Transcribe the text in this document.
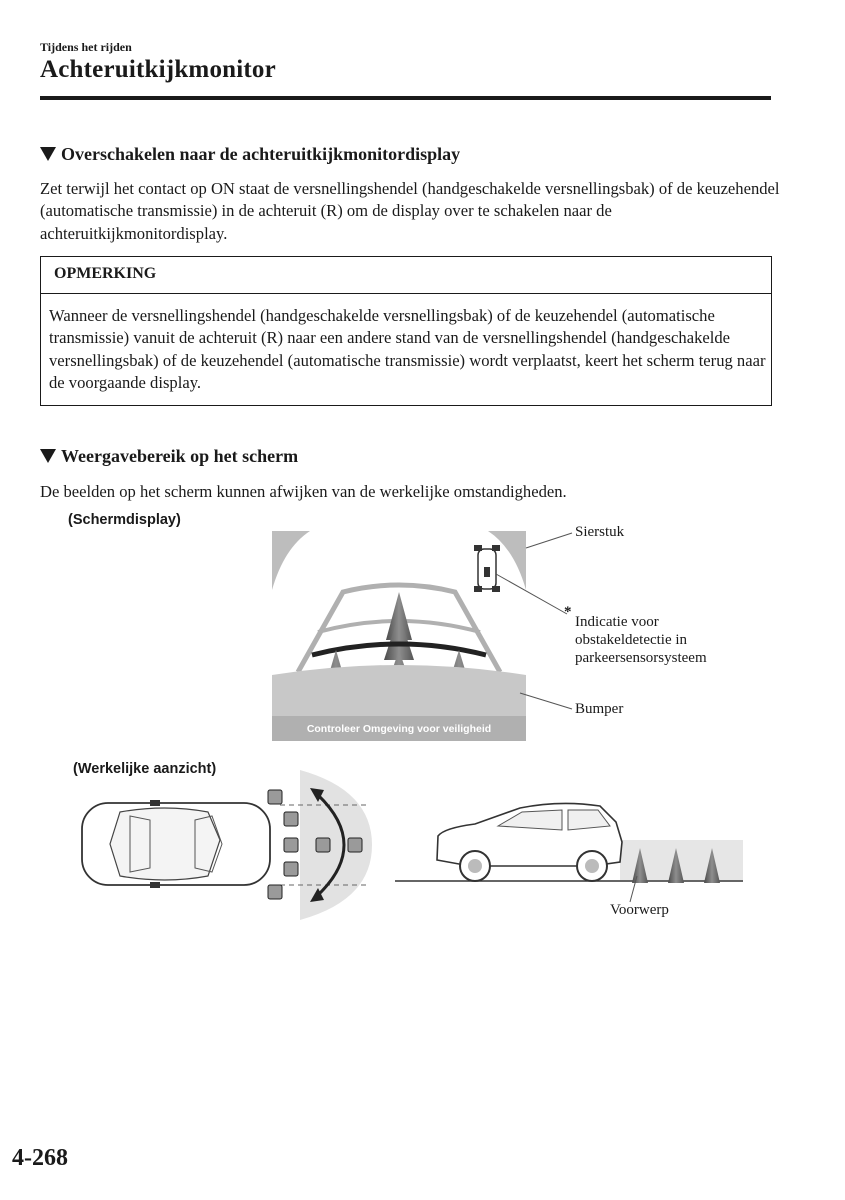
Tijdens het rijden
Achteruitkijkmonitor
Overschakelen naar de achteruitkijkmonitordisplay
Zet terwijl het contact op ON staat de versnellingshendel (handgeschakelde versnellingsbak) of de keuzehendel (automatische transmissie) in de achteruit (R) om de display over te schakelen naar de achteruitkijkmonitordisplay.
OPMERKING
Wanneer de versnellingshendel (handgeschakelde versnellingsbak) of de keuzehendel (automatische transmissie) vanuit de achteruit (R) naar een andere stand van de versnellingshendel (handgeschakelde versnellingsbak) of de keuzehendel (automatische transmissie) wordt verplaatst, keert het scherm terug naar de voorgaande display.
Weergavebereik op het scherm
De beelden op het scherm kunnen afwijken van de werkelijke omstandigheden.
(Schermdisplay)
Sierstuk
*
Indicatie voor
obstakeldetectie in
parkeersensorsysteem
Bumper
(Werkelijke aanzicht)
Voorwerp
Controleer Omgeving voor veiligheid
4-268
